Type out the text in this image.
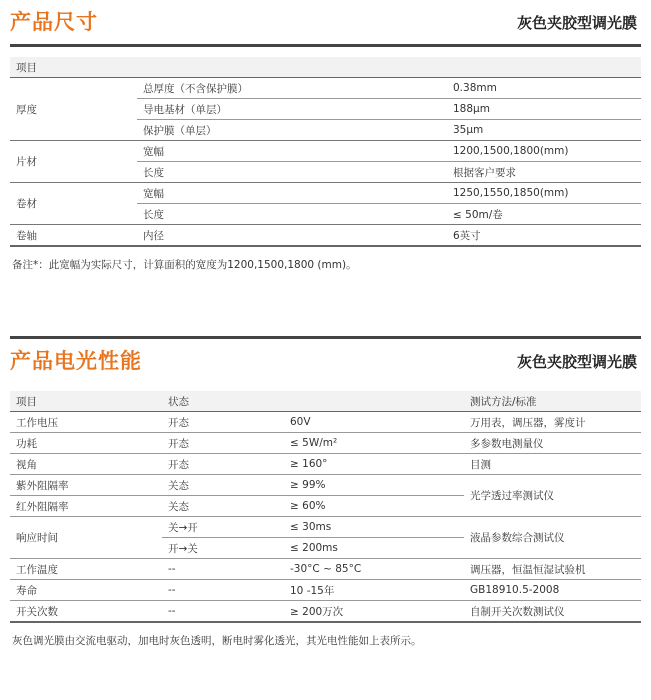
产品尺寸	灰色夹胶型调光膜
项目		
厚度	总厚度（不含保护膜）	0.38mm
	导电基材（单层）	188μm
	保护膜（单层）	35μm
片材	宽幅	1200,1500,1800(mm)
	长度	根据客户要求
卷材	宽幅	1250,1550,1850(mm)
	长度	≤ 50m/卷
卷轴	内径	6英寸
备注*：此宽幅为实际尺寸，计算面积的宽度为1200,1500,1800 (mm)。
产品电光性能	灰色夹胶型调光膜
项目	状态		测试方法/标准
工作电压	开态	60V	万用表，调压器，雾度计
功耗	开态	≤ 5W/m²	多参数电测量仪
视角	开态	≥ 160°	目测
紫外阻隔率	关态	≥ 99%	光学透过率测试仪
红外阻隔率	关态	≥ 60%	
响应时间	关→开	≤ 30ms	液晶参数综合测试仪
	开→关	≤ 200ms	
工作温度	--	-30°C ~ 85°C	调压器，恒温恒湿试验机
寿命	--	10 -15年	GB18910.5-2008
开关次数	--	≥ 200万次	自制开关次数测试仪
灰色调光膜由交流电驱动，加电时灰色透明，断电时雾化透光，其光电性能如上表所示。
